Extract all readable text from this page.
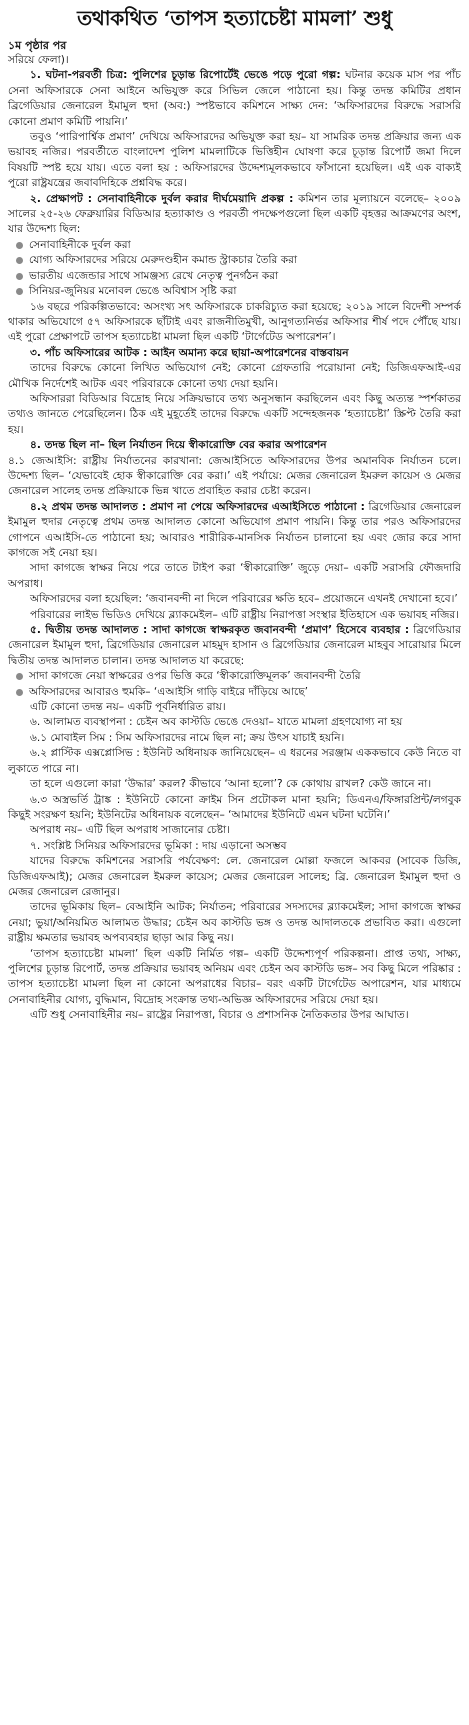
তথাকথিত ‘তাপস হত্যাচেষ্টা মামলা’ শুধু

১ম পৃষ্ঠার পর

সরিয়ে ফেলা)।

১. ঘটনা-পরবর্তী চিত্র: পুলিশের চূড়ান্ত রিপোর্টেই ভেঙে পড়ে পুরো গল্প: ঘটনার কয়েক মাস পর পাঁচ সেনা অফিসারকে সেনা আইনে অভিযুক্ত করে সিভিল জেলে পাঠানো হয়। কিন্তু তদন্ত কমিটির প্রধান ব্রিগেডিয়ার জেনারেল ইমামুল হুদা (অব:) স্পষ্টভাবে কমিশনে সাক্ষ্য দেন: ‘অফিসারদের বিরুদ্ধে সরাসরি কোনো প্রমাণ কমিটি পায়নি।’

তবুও ‘পারিপার্শ্বিক প্রমাণ’ দেখিয়ে অফিসারদের অভিযুক্ত করা হয়– যা সামরিক তদন্ত প্রক্রিয়ার জন্য এক ভয়াবহ নজির। পরবর্তীতে বাংলাদেশ পুলিশ মামলাটিকে ভিত্তিহীন ঘোষণা করে চূড়ান্ত রিপোর্ট জমা দিলে বিষয়টি স্পষ্ট হয়ে যায়। এতে বলা হয় : অফিসারদের উদ্দেশ্যমূলকভাবে ফাঁসানো হয়েছিল। এই এক বাক্যই পুরো রাষ্ট্রযন্ত্রের জবাবদিহিকে প্রশ্নবিদ্ধ করে।

২. প্রেক্ষাপট : সেনাবাহিনীকে দুর্বল করার দীর্ঘমেয়াদি প্রকল্প : কমিশন তার মূল্যায়নে বলেছে– ২০০৯ সালের ২৫-২৬ ফেব্রুয়ারির বিডিআর হত্যাকাণ্ড ও পরবর্তী পদক্ষেপগুলো ছিল একটি বৃহত্তর আক্রমণের অংশ, যার উদ্দেশ্য ছিল:

সেনাবাহিনীকে দুর্বল করা
যোগ্য অফিসারদের সরিয়ে মেরুদণ্ডহীন কমান্ড স্ট্রাকচার তৈরি করা
ভারতীয় এজেন্ডার সাথে সামঞ্জস্য রেখে নেতৃত্ব পুনর্গঠন করা
সিনিয়র-জুনিয়র মনোবল ভেঙে অবিশ্বাস সৃষ্টি করা

১৬ বছরে পরিকল্পিতভাবে: অসংখ্য সৎ অফিসারকে চাকরিচ্যুত করা হয়েছে; ২০১৯ সালে বিদেশী সম্পর্ক থাকার অভিযোগে ৫৭ অফিসারকে ছাঁটাই এবং রাজনীতিমুখী, আনুগত্যনির্ভর অফিসার শীর্ষ পদে পৌঁছে যায়। এই পুরো প্রেক্ষাপটে তাপস হত্যাচেষ্টা মামলা ছিল একটি ‘টার্গেটেড অপারেশন’।

৩. পাঁচ অফিসারের আটক : আইন অমান্য করে ছায়া-অপারেশনের বাস্তবায়ন

তাদের বিরুদ্ধে কোনো লিখিত অভিযোগ নেই; কোনো গ্রেফতারি পরোয়ানা নেই; ডিজিএফআই-এর মৌখিক নির্দেশেই আটক এবং পরিবারকে কোনো তথ্য দেয়া হয়নি।

অফিসাররা বিডিআর বিদ্রোহ নিয়ে সক্রিয়ভাবে তথ্য অনুসন্ধান করছিলেন এবং কিছু অত্যন্ত স্পর্শকাতর তথ্যও জানতে পেরেছিলেন। ঠিক এই মুহূর্তেই তাদের বিরুদ্ধে একটি সন্দেহজনক ‘হত্যাচেষ্টা’ স্ক্রিপ্ট তৈরি করা হয়।

৪. তদন্ত ছিল না– ছিল নির্যাতন দিয়ে স্বীকারোক্তি বের করার অপারেশন

৪.১ জেআইসি: রাষ্ট্রীয় নির্যাতনের কারখানা: জেআইসিতে অফিসারদের উপর অমানবিক নির্যাতন চলে। উদ্দেশ্য ছিল– ‘যেভাবেই হোক স্বীকারোক্তি বের করা।’ এই পর্যায়ে: মেজর জেনারেল ইমরুল কায়েস ও মেজর জেনারেল সালেহ তদন্ত প্রক্রিয়াকে ভিন্ন খাতে প্রবাহিত করার চেষ্টা করেন।

৪.২ প্রথম তদন্ত আদালত : প্রমাণ না পেয়ে অফিসারদের এআইসিতে পাঠানো : ব্রিগেডিয়ার জেনারেল ইমামুল হুদার নেতৃত্বে প্রথম তদন্ত আদালত কোনো অভিযোগ প্রমাণ পায়নি। কিন্তু তার পরও অফিসারদের গোপনে এআইসি-তে পাঠানো হয়; আবারও শারীরিক-মানসিক নির্যাতন চালানো হয় এবং জোর করে সাদা কাগজে সই নেয়া হয়।

সাদা কাগজে স্বাক্ষর নিয়ে পরে তাতে টাইপ করা ‘স্বীকারোক্তি’ জুড়ে দেয়া– একটি সরাসরি ফৌজদারি অপরাধ।

অফিসারদের বলা হয়েছিল: ‘জবানবন্দী না দিলে পরিবারের ক্ষতি হবে– প্রয়োজনে এখনই দেখানো হবে।’

পরিবারের লাইভ ভিডিও দেখিয়ে ব্ল্যাকমেইল– এটি রাষ্ট্রীয় নিরাপত্তা সংস্থার ইতিহাসে এক ভয়াবহ নজির।

৫. দ্বিতীয় তদন্ত আদালত : সাদা কাগজে স্বাক্ষরকৃত জবানবন্দী ‘প্রমাণ’ হিসেবে ব্যবহার : ব্রিগেডিয়ার জেনারেল ইমামুল হুদা, ব্রিগেডিয়ার জেনারেল মাহমুদ হাসান ও ব্রিগেডিয়ার জেনারেল মাহবুব সারোয়ার মিলে দ্বিতীয় তদন্ত আদালত চালান। তদন্ত আদালত যা করেছে:

সাদা কাগজে নেয়া স্বাক্ষরের ওপর ভিত্তি করে ‘স্বীকারোক্তিমূলক’ জবানবন্দী তৈরি
অফিসারদের আবারও হুমকি– ‘এআইসি গাড়ি বাইরে দাঁড়িয়ে আছে’

এটি কোনো তদন্ত নয়– একটি পূর্বনির্ধারিত রায়।

৬. আলামত ব্যবস্থাপনা : চেইন অব কাস্টডি ভেঙে দেওয়া– যাতে মামলা গ্রহণযোগ্য না হয়

৬.১ মোবাইল সিম : সিম অফিসারদের নামে ছিল না; ক্রয় উৎস যাচাই হয়নি।

৬.২ প্লাস্টিক এক্সপ্লোসিভ : ইউনিট অধিনায়ক জানিয়েছেন– এ ধরনের সরঞ্জাম এককভাবে কেউ নিতে বা লুকাতে পারে না।

তা হলে এগুলো কারা ‘উদ্ধার’ করল? কীভাবে ‘আনা হলো’? কে কোথায় রাখল? কেউ জানে না।

৬.৩ অস্ত্রভর্তি ট্রাঙ্ক : ইউনিটে কোনো ক্রাইম সিন প্রটোকল মানা হয়নি; ডিএনএ/ফিঙ্গারপ্রিন্ট/লগবুক কিছুই সংরক্ষণ হয়নি; ইউনিটের অধিনায়ক বলেছেন– ‘আমাদের ইউনিটে এমন ঘটনা ঘটেনি।’

অপরাধ নয়– এটি ছিল অপরাধ সাজানোর চেষ্টা।

৭. সংশ্লিষ্ট সিনিয়র অফিসারদের ভূমিকা : দায় এড়ানো অসম্ভব

যাদের বিরুদ্ধে কমিশনের সরাসরি পর্যবেক্ষণ: লে. জেনারেল মোল্লা ফজলে আকবর (সাবেক ডিজি, ডিজিএফআই); মেজর জেনারেল ইমরুল কায়েস; মেজর জেনারেল সালেহ; ব্রি. জেনারেল ইমামুল হুদা ও মেজর জেনারেল রেজানুর।

তাদের ভূমিকায় ছিল– বেআইনি আটক; নির্যাতন; পরিবারের সদস্যদের ব্ল্যাকমেইল; সাদা কাগজে স্বাক্ষর নেয়া; ভুয়া/অনিয়মিত আলামত উদ্ধার; চেইন অব কাস্টডি ভঙ্গ ও তদন্ত আদালতকে প্রভাবিত করা। এগুলো রাষ্ট্রীয় ক্ষমতার ভয়াবহ অপব্যবহার ছাড়া আর কিছু নয়।

‘তাপস হত্যাচেষ্টা মামলা’ ছিল একটি নির্মিত গল্প– একটি উদ্দেশ্যপূর্ণ পরিকল্পনা। প্রাপ্ত তথ্য, সাক্ষ্য, পুলিশের চূড়ান্ত রিপোর্ট, তদন্ত প্রক্রিয়ার ভয়াবহ অনিয়ম এবং চেইন অব কাস্টডি ভঙ্গ– সব কিছু মিলে পরিষ্কার : তাপস হত্যাচেষ্টা মামলা ছিল না কোনো অপরাধের বিচার– বরং একটি টার্গেটেড অপারেশন, যার মাধ্যমে সেনাবাহিনীর যোগ্য, বুদ্ধিমান, বিদ্রোহ সংক্রান্ত তথ্য-অভিজ্ঞ অফিসারদের সরিয়ে দেয়া হয়।

এটি শুধু সেনাবাহিনীর নয়– রাষ্ট্রের নিরাপত্তা, বিচার ও প্রশাসনিক নৈতিকতার উপর আঘাত।
